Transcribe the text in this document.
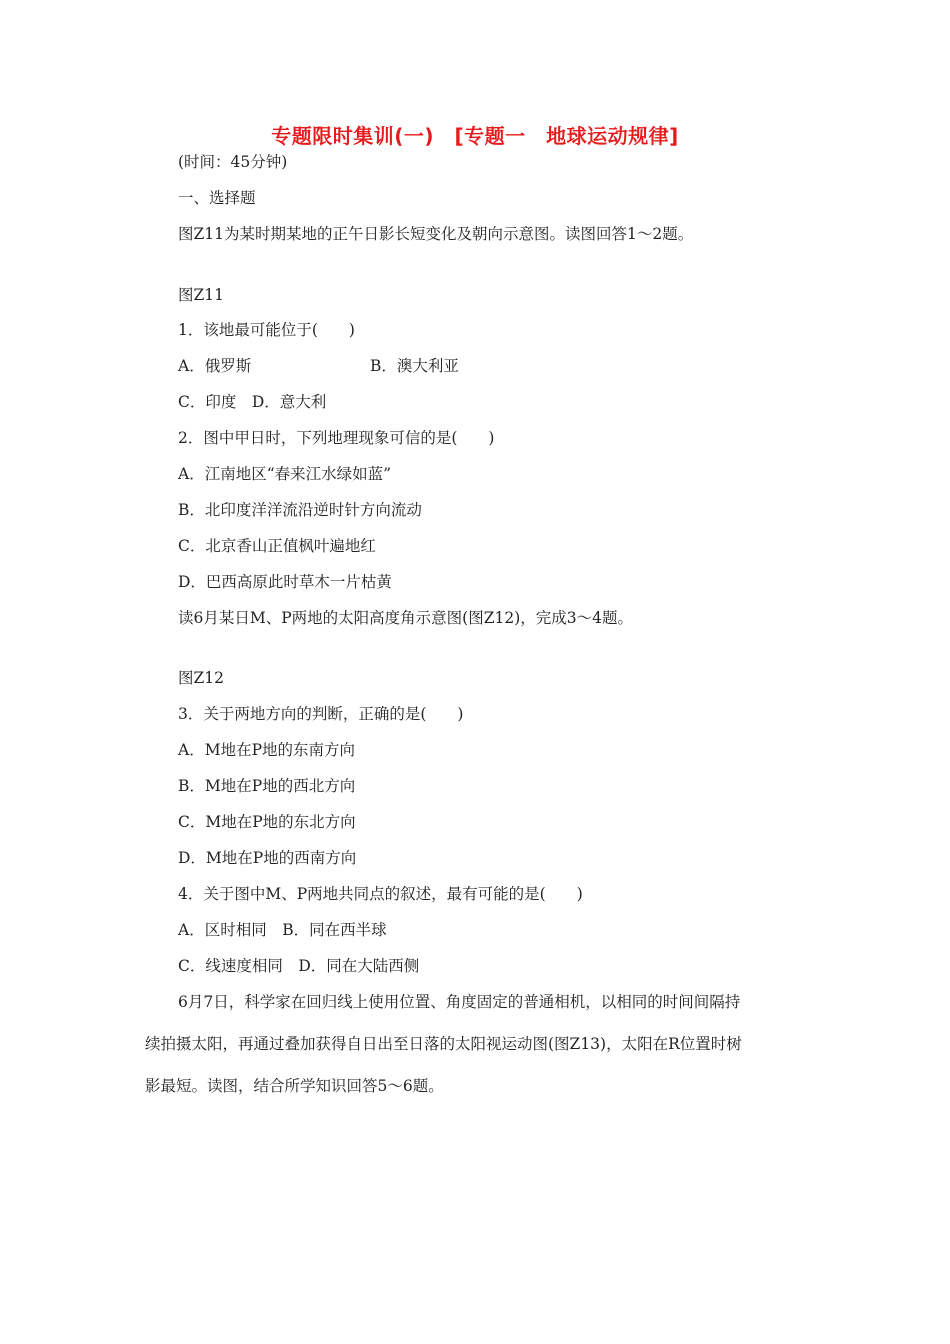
专题限时集训(一)　[专题一　地球运动规律]
(时间：45分钟)
一、选择题
图Z11为某时期某地的正午日影长短变化及朝向示意图。读图回答1～2题。
图Z11
1．该地最可能位于(　　)
A．俄罗斯	B．澳大利亚
C．印度　D．意大利
2．图中甲日时，下列地理现象可信的是(　　)
A．江南地区“春来江水绿如蓝”
B．北印度洋洋流沿逆时针方向流动
C．北京香山正值枫叶遍地红
D．巴西高原此时草木一片枯黄
读6月某日M、P两地的太阳高度角示意图(图Z12)，完成3～4题。
图Z12
3．关于两地方向的判断，正确的是(　　)
A．M地在P地的东南方向
B．M地在P地的西北方向
C．M地在P地的东北方向
D．M地在P地的西南方向
4．关于图中M、P两地共同点的叙述，最有可能的是(　　)
A．区时相同　B．同在西半球
C．线速度相同　D．同在大陆西侧
6月7日，科学家在回归线上使用位置、角度固定的普通相机，以相同的时间间隔持
续拍摄太阳，再通过叠加获得自日出至日落的太阳视运动图(图Z13)，太阳在R位置时树
影最短。读图，结合所学知识回答5～6题。
